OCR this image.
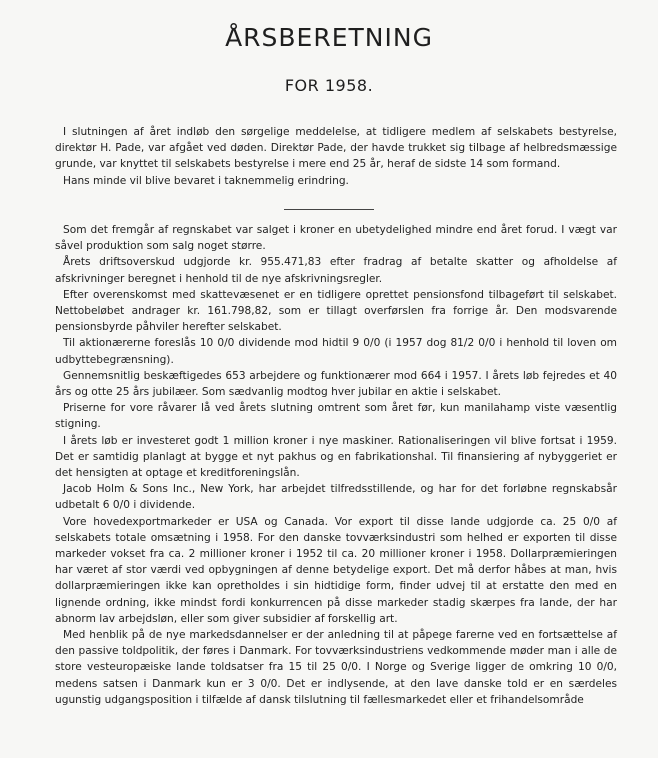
ÅRSBERETNING
FOR 1958.

I slutningen af året indløb den sørgelige meddelelse, at tidligere medlem af selskabets bestyrelse, direktør H. Pade, var afgået ved døden. Direktør Pade, der havde trukket sig tilbage af helbredsmæssige grunde, var knyttet til selskabets bestyrelse i mere end 25 år, heraf de sidste 14 som formand.

Hans minde vil blive bevaret i taknemmelig erindring.

Som det fremgår af regnskabet var salget i kroner en ubetydelighed mindre end året forud. I vægt var såvel produktion som salg noget større.

Årets driftsoverskud udgjorde kr. 955.471,83 efter fradrag af betalte skatter og afholdelse af afskrivninger beregnet i henhold til de nye afskrivningsregler.

Efter overenskomst med skattevæsenet er en tidligere oprettet pensionsfond tilbageført til selskabet. Nettobeløbet andrager kr. 161.798,82, som er tillagt overførslen fra forrige år. Den modsvarende pensionsbyrde påhviler herefter selskabet.

Til aktionærerne foreslås 10 0/0 dividende mod hidtil 9 0/0 (i 1957 dog 81/2 0/0 i henhold til loven om udbyttebegrænsning).

Gennemsnitlig beskæftigedes 653 arbejdere og funktionærer mod 664 i 1957. I årets løb fejredes et 40 års og otte 25 års jubilæer. Som sædvanlig modtog hver jubilar en aktie i selskabet.

Priserne for vore råvarer lå ved årets slutning omtrent som året før, kun manilahamp viste væsentlig stigning.

I årets løb er investeret godt 1 million kroner i nye maskiner. Rationaliseringen vil blive fortsat i 1959. Det er samtidig planlagt at bygge et nyt pakhus og en fabrikationshal. Til finansiering af nybyggeriet er det hensigten at optage et kreditforeningslån.

Jacob Holm & Sons Inc., New York, har arbejdet tilfredsstillende, og har for det forløbne regnskabsår udbetalt 6 0/0 i dividende.

Vore hovedexportmarkeder er USA og Canada. Vor export til disse lande udgjorde ca. 25 0/0 af selskabets totale omsætning i 1958. For den danske tovværksindustri som helhed er exporten til disse markeder vokset fra ca. 2 millioner kroner i 1952 til ca. 20 millioner kroner i 1958. Dollarpræmieringen har været af stor værdi ved opbygningen af denne betydelige export. Det må derfor håbes at man, hvis dollarpræmieringen ikke kan opretholdes i sin hidtidige form, finder udvej til at erstatte den med en lignende ordning, ikke mindst fordi konkurrencen på disse markeder stadig skærpes fra lande, der har abnorm lav arbejdsløn, eller som giver subsidier af forskellig art.

Med henblik på de nye markedsdannelser er der anledning til at påpege farerne ved en fortsættelse af den passive toldpolitik, der føres i Danmark. For tovværksindustriens vedkommende møder man i alle de store vesteuropæiske lande toldsatser fra 15 til 25 0/0. I Norge og Sverige ligger de omkring 10 0/0, medens satsen i Danmark kun er 3 0/0. Det er indlysende, at den lave danske told er en særdeles ugunstig udgangsposition i tilfælde af dansk tilslutning til fællesmarkedet eller et frihandelsområde
